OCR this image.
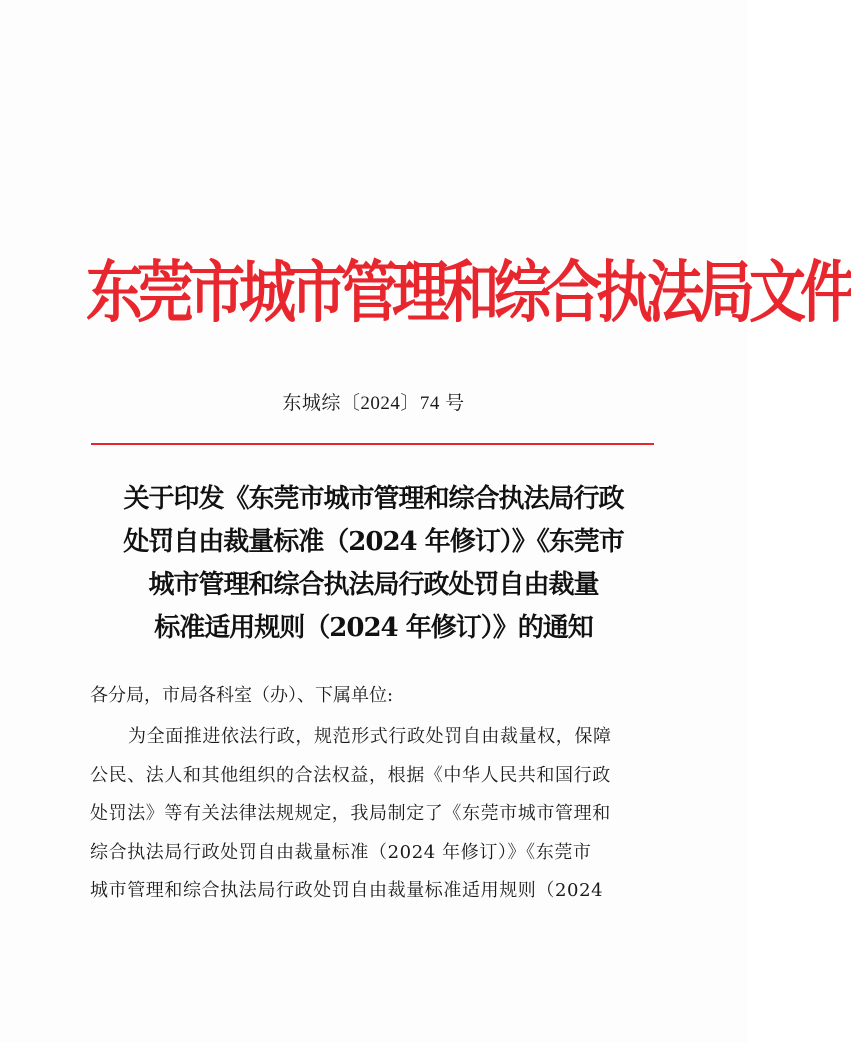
东莞市城市管理和综合执法局文件
东城综〔2024〕74 号
关于印发《东莞市城市管理和综合执法局行政
处罚自由裁量标准（2024 年修订）》《东莞市
城市管理和综合执法局行政处罚自由裁量
标准适用规则（2024 年修订）》的通知
各分局，市局各科室（办）、下属单位:
为全面推进依法行政，规范形式行政处罚自由裁量权，保障
公民、法人和其他组织的合法权益，根据《中华人民共和国行政
处罚法》等有关法律法规规定，我局制定了《东莞市城市管理和
综合执法局行政处罚自由裁量标准（2024 年修订）》《东莞市
城市管理和综合执法局行政处罚自由裁量标准适用规则（2024
